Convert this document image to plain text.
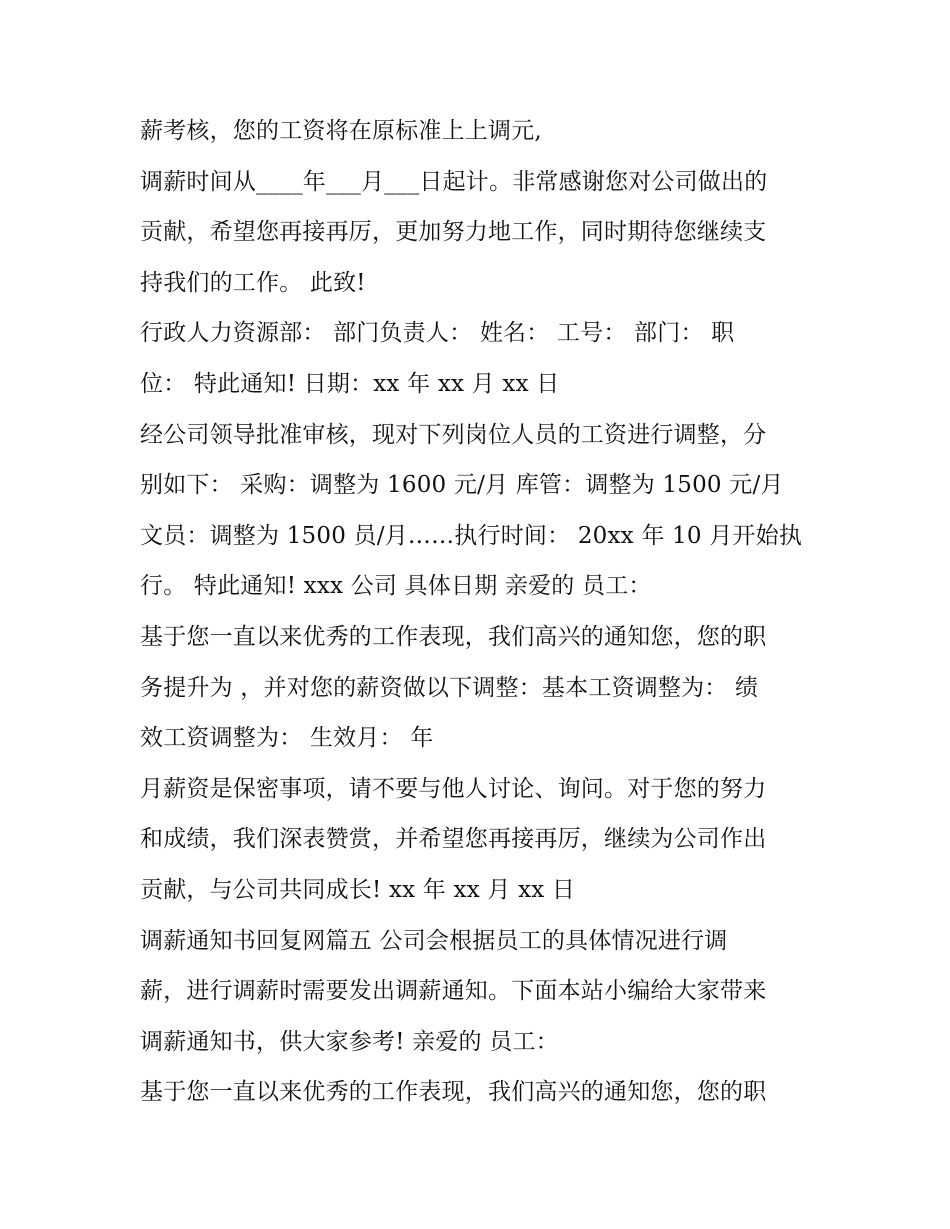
薪考核，您的工资将在原标准上上调元,
调薪时间从____年___月___日起计。非常感谢您对公司做出的
贡献，希望您再接再厉，更加努力地工作，同时期待您继续支
持我们的工作。 此致!
行政人力资源部： 部门负责人： 姓名： 工号： 部门： 职
位： 特此通知! 日期：xx 年 xx 月 xx 日
经公司领导批准审核，现对下列岗位人员的工资进行调整，分
别如下： 采购：调整为 1600 元/月 库管：调整为 1500 元/月
文员：调整为 1500 员/月……执行时间： 20xx 年 10 月开始执
行。 特此通知! xxx 公司 具体日期 亲爱的 员工：
基于您一直以来优秀的工作表现，我们高兴的通知您，您的职
务提升为 ，并对您的薪资做以下调整：基本工资调整为： 绩
效工资调整为： 生效月： 年
月薪资是保密事项，请不要与他人讨论、询问。对于您的努力
和成绩，我们深表赞赏，并希望您再接再厉，继续为公司作出
贡献，与公司共同成长! xx 年 xx 月 xx 日
调薪通知书回复网篇五 公司会根据员工的具体情况进行调
薪，进行调薪时需要发出调薪通知。下面本站小编给大家带来
调薪通知书，供大家参考! 亲爱的 员工：
基于您一直以来优秀的工作表现，我们高兴的通知您，您的职
